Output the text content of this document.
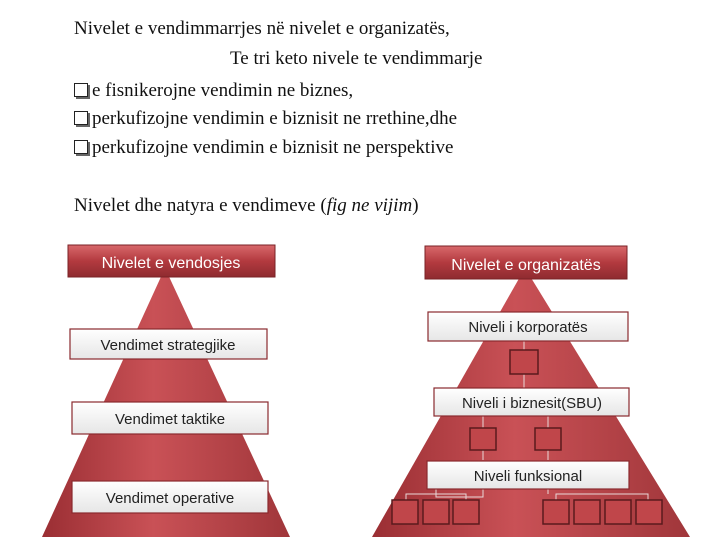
Nivelet e vendimmarrjes në nivelet e organizatës,
Te tri keto nivele te vendimmarje
e fisnikerojne vendimin ne biznes,
perkufizojne vendimin e biznisit ne rrethine,dhe
perkufizojne vendimin e biznisit ne perspektive
Nivelet dhe natyra e vendimeve (fig ne vijim)
Nivelet e vendosjes
Vendimet strategjike
Vendimet taktike
Vendimet operative
Nivelet e organizatës
Niveli i korporatës
Niveli i biznesit(SBU)
Niveli funksional
